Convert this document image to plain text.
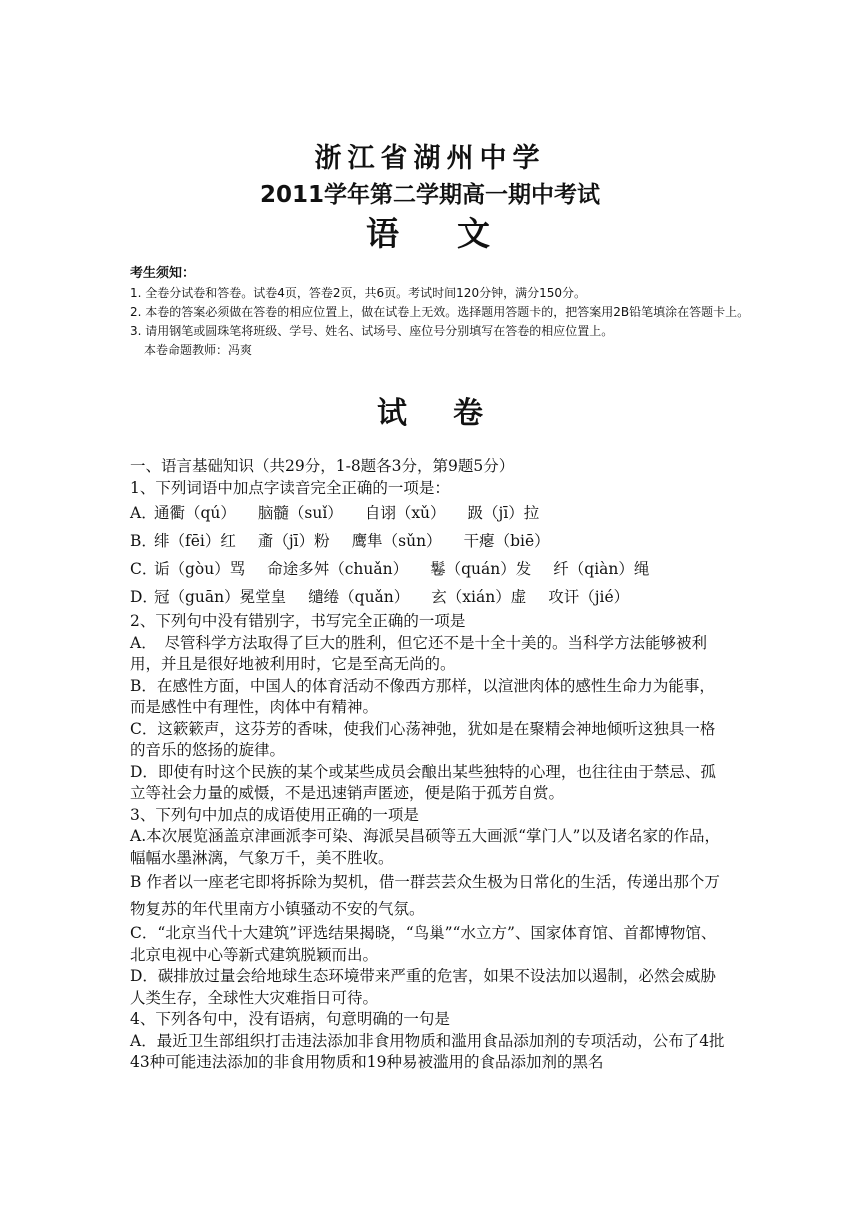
浙江省湖州中学
2011学年第二学期高一期中考试
语 文
考生须知：
1. 全卷分试卷和答卷。试卷4页，答卷2页，共6页。考试时间120分钟，满分150分。
2. 本卷的答案必须做在答卷的相应位置上，做在试卷上无效。选择题用答题卡的，把答案用2B铅笔填涂在答题卡上。
3. 请用钢笔或圆珠笔将班级、学号、姓名、试场号、座位号分别填写在答卷的相应位置上。
本卷命题教师：冯爽
试 卷

一、语言基础知识（共29分，1-8题各3分，第9题5分）

1、下列词语中加点字读音完全正确的一项是：

A．
通衢（qú） 脑髓（suǐ） 自诩（xǔ） 趿（jī）拉
B．
绯（fēi）红 齑（jī）粉 鹰隼（sǔn） 干瘪（biē）
C．
诟（gòu）骂 命途多舛（chuǎn） 鬈（quán）发 纤（qiàn）绳
D．
冠（guān）冕堂皇 缱绻（quǎn） 玄（xián）虚 攻讦（jié）

2、下列句中没有错别字，书写完全正确的一项是

A．　尽管科学方法取得了巨大的胜利，但它还不是十全十美的。当科学方法能够被利用，并且是很好地被利用时，它是至高无尚的。

B．在感性方面，中国人的体育活动不像西方那样，以渲泄肉体的感性生命力为能事，而是感性中有理性，肉体中有精神。

C．这簌簌声，这芬芳的香味，使我们心荡神弛，犹如是在聚精会神地倾听这独具一格的音乐的悠扬的旋律。

D．即使有时这个民族的某个或某些成员会酿出某些独特的心理，也往往由于禁忌、孤立等社会力量的威慑，不是迅速销声匿迹，便是陷于孤芳自赏。

3、下列句中加点的成语使用正确的一项是

A.本次展览涵盖京津画派李可染、海派吴昌硕等五大画派“掌门人”以及诸名家的作品，幅幅水墨淋漓，气象万千，美不胜收。

B 作者以一座老宅即将拆除为契机，借一群芸芸众生极为日常化的生活，传递出那个万物复苏的年代里南方小镇骚动不安的气氛。

C．“北京当代十大建筑”评选结果揭晓，“鸟巢”“水立方”、国家体育馆、首都博物馆、北京电视中心等新式建筑脱颖而出。

D．碳排放过量会给地球生态环境带来严重的危害，如果不设法加以遏制，必然会威胁人类生存，全球性大灾难指日可待。

4、下列各句中，没有语病，句意明确的一句是

A．最近卫生部组织打击违法添加非食用物质和滥用食品添加剂的专项活动，公布了4批43种可能违法添加的非食用物质和19种易被滥用的食品添加剂的黑名
